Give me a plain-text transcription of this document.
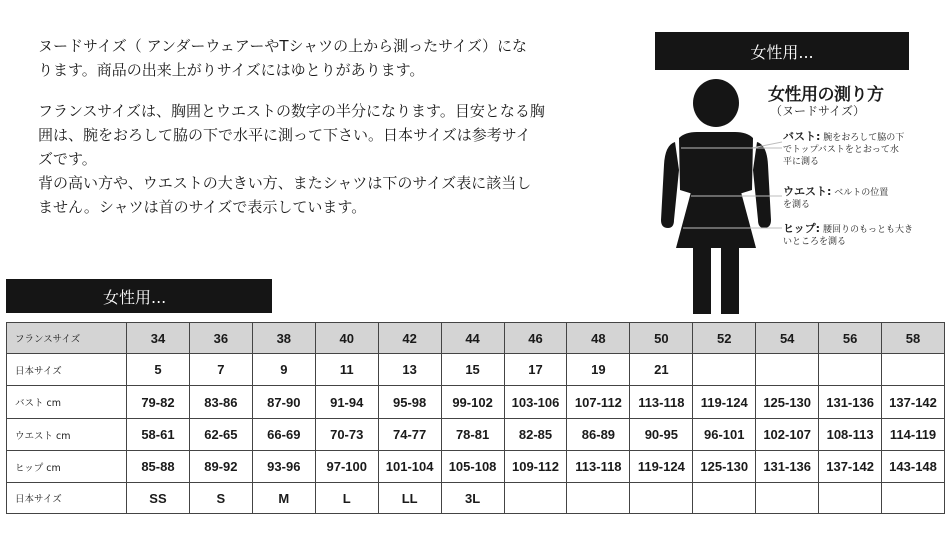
ヌードサイズ（ アンダーウェアーやTシャツの上から測ったサイズ）にな

ります。商品の出来上がりサイズにはゆとりがあります。

フランスサイズは、胸囲とウエストの数字の半分になります。目安となる胸

囲は、腕をおろして脇の下で水平に測って下さい。日本サイズは参考サイ

ズです。

背の高い方や、ウエストの大きい方、またシャツは下のサイズ表に該当し

ません。シャツは首のサイズで表示しています。

女性用...
女性用の測り方
（ヌードサイズ）
バスト: 腕をおろして脇の下
でトップバストをとおって水
平に測る
ウエスト: ベルトの位置
を測る
ヒップ: 腰回りのもっとも大き
いところを測る
女性用...
フランスサイズ	34	36	38	40	42	44	46	48	50	52	54	56	58
日本サイズ	5	7	9	11	13	15	17	19	21				
バスト cm	79-82	83-86	87-90	91-94	95-98	99-102	103-106	107-112	113-118	119-124	125-130	131-136	137-142
ウエスト cm	58-61	62-65	66-69	70-73	74-77	78-81	82-85	86-89	90-95	96-101	102-107	108-113	114-119
ヒップ cm	85-88	89-92	93-96	97-100	101-104	105-108	109-112	113-118	119-124	125-130	131-136	137-142	143-148
日本サイズ	SS	S	M	L	LL	3L							
